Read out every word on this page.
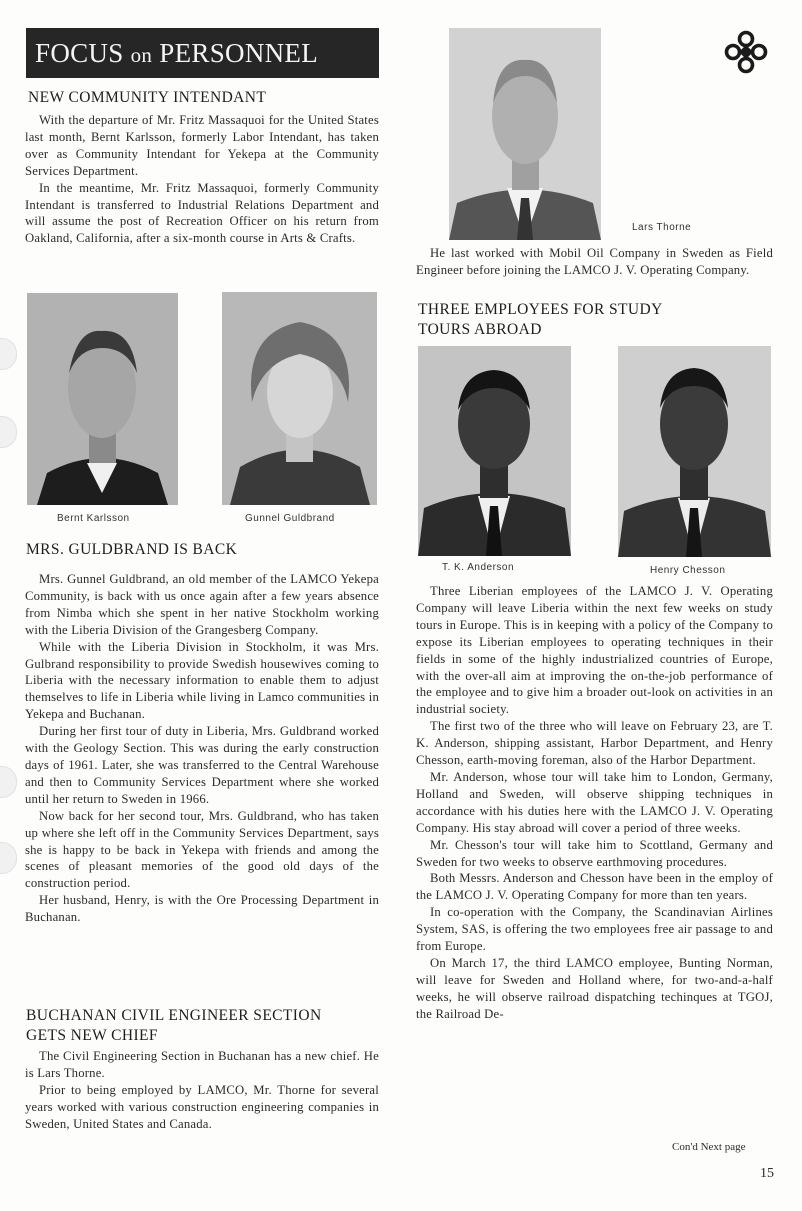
FOCUS on PERSONNEL
NEW COMMUNITY INTENDANT

With the departure of Mr. Fritz Massaquoi for the United States last month, Bernt Karlsson, formerly Labor Intendant, has taken over as Community Intendant for Yekepa at the Community Services Department.

In the meantime, Mr. Fritz Massaquoi, formerly Community Intendant is transferred to Industrial Relations Department and will assume the post of Recreation Officer on his return from Oakland, California, after a six-month course in Arts & Crafts.

Bernt Karlsson	Gunnel Guldbrand
MRS. GULDBRAND IS BACK

Mrs. Gunnel Guldbrand, an old member of the LAMCO Yekepa Community, is back with us once again after a few years absence from Nimba which she spent in her native Stockholm working with the Liberia Division of the Grangesberg Company.

While with the Liberia Division in Stockholm, it was Mrs. Gulbrand responsibility to provide Swedish housewives coming to Liberia with the necessary information to enable them to adjust themselves to life in Liberia while living in Lamco communities in Yekepa and Buchanan.

During her first tour of duty in Liberia, Mrs. Guldbrand worked with the Geology Section. This was during the early construction days of 1961. Later, she was transferred to the Central Warehouse and then to Community Services Department where she worked until her return to Sweden in 1966.

Now back for her second tour, Mrs. Guldbrand, who has taken up where she left off in the Community Services Department, says she is happy to be back in Yekepa with friends and among the scenes of pleasant memories of the good old days of the construction period.

Her husband, Henry, is with the Ore Processing Department in Buchanan.

BUCHANAN CIVIL ENGINEER SECTION
GETS NEW CHIEF

The Civil Engineering Section in Buchanan has a new chief. He is Lars Thorne.

Prior to being employed by LAMCO, Mr. Thorne for several years worked with various construction engineering companies in Sweden, United States and Canada.

Lars Thorne

He last worked with Mobil Oil Company in Sweden as Field Engineer before joining the LAMCO J. V. Operating Company.

THREE EMPLOYEES FOR STUDY
TOURS ABROAD
T. K. Anderson	Henry Chesson

Three Liberian employees of the LAMCO J. V. Operating Company will leave Liberia within the next few weeks on study tours in Europe. This is in keeping with a policy of the Company to expose its Liberian employees to operating techniques in their fields in some of the highly industrialized countries of Europe, with the over-all aim at improving the on-the-job performance of the employee and to give him a broader out-look on activities in an industrial society.

The first two of the three who will leave on February 23, are T. K. Anderson, shipping assistant, Harbor Department, and Henry Chesson, earth-moving foreman, also of the Harbor Department.

Mr. Anderson, whose tour will take him to London, Germany, Holland and Sweden, will observe shipping techniques in accordance with his duties here with the LAMCO J. V. Operating Company. His stay abroad will cover a period of three weeks.

Mr. Chesson's tour will take him to Scottland, Germany and Sweden for two weeks to observe earthmoving procedures.

Both Messrs. Anderson and Chesson have been in the employ of the LAMCO J. V. Operating Company for more than ten years.

In co-operation with the Company, the Scandinavian Airlines System, SAS, is offering the two employees free air passage to and from Europe.

On March 17, the third LAMCO employee, Bunting Norman, will leave for Sweden and Holland where, for two-and-a-half weeks, he will observe railroad dispatching techinques at TGOJ, the Railroad De-

Con'd Next page
15
